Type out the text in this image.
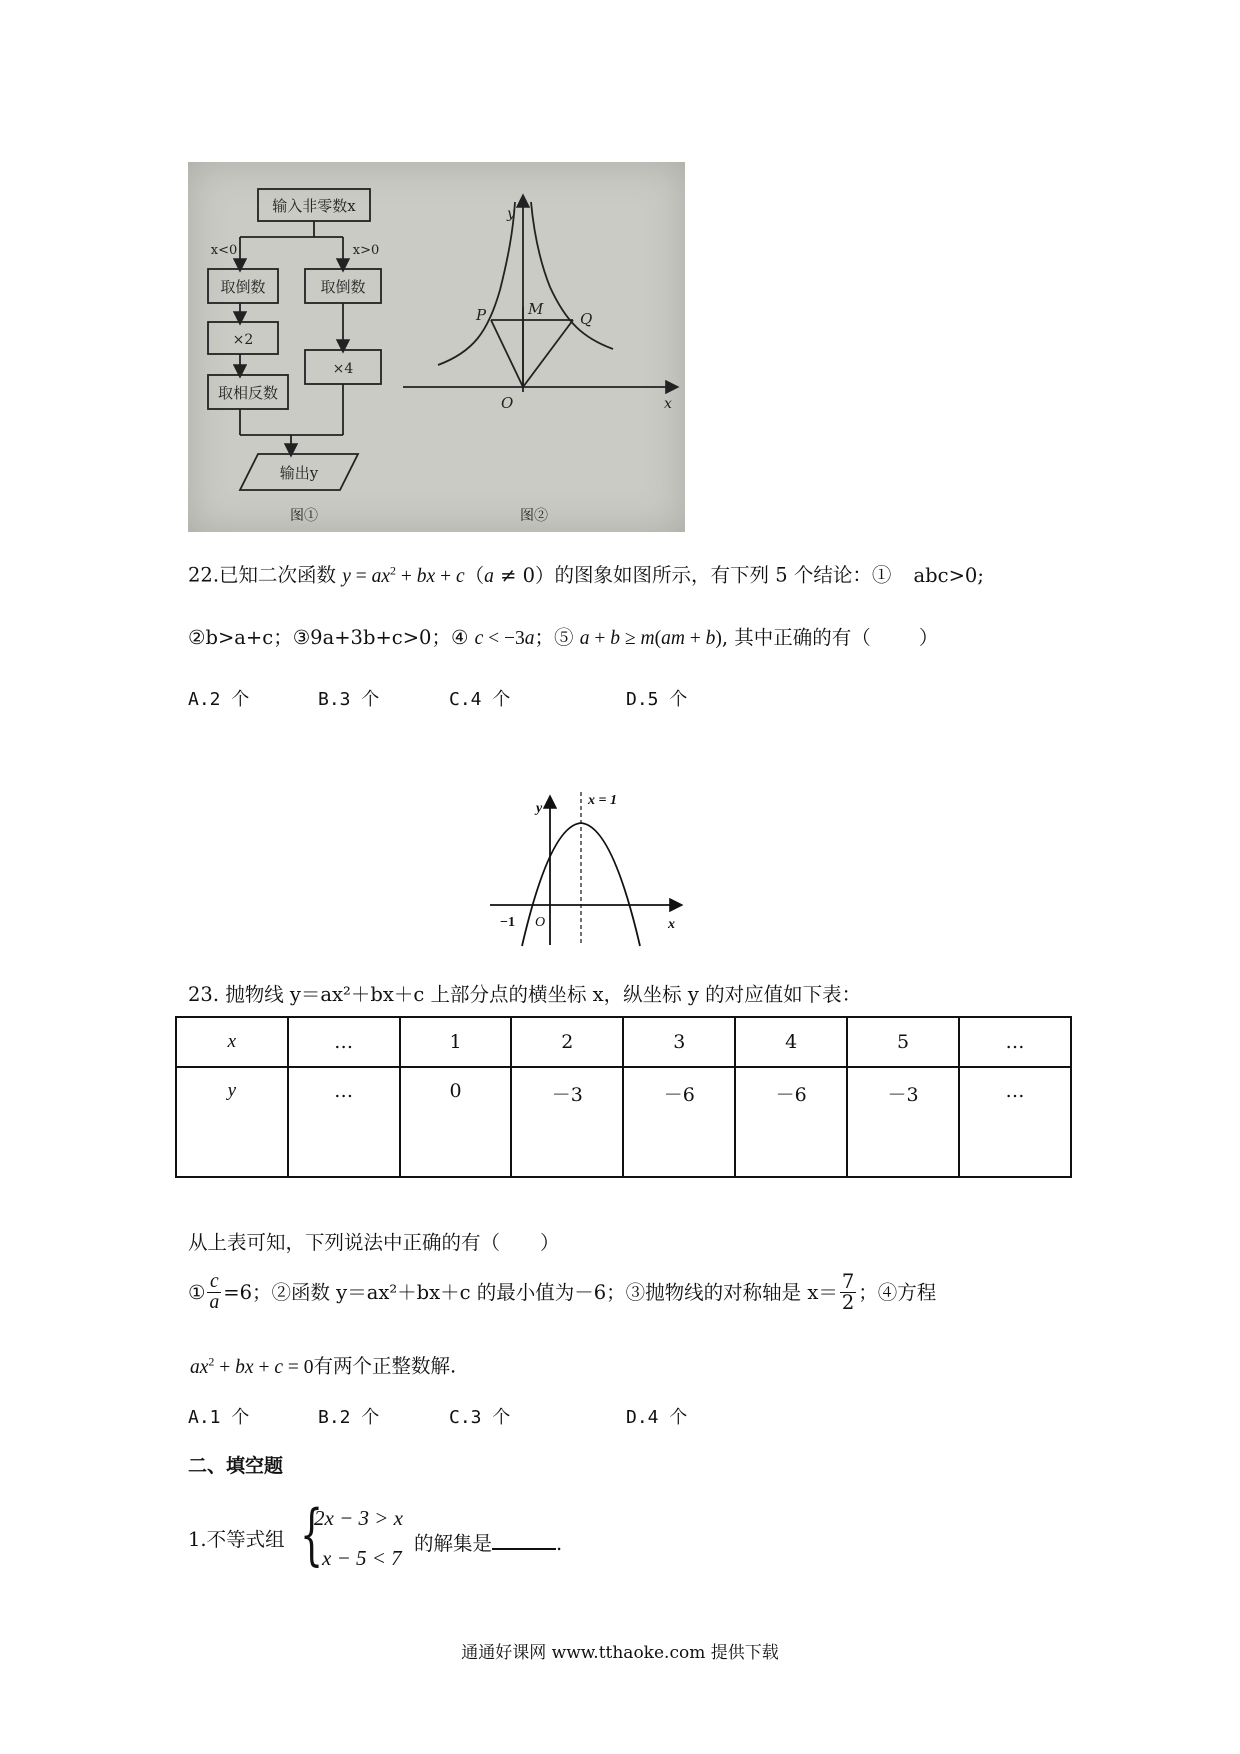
输入非零数x
x<0	x>0
取倒数
×2
取相反数
取倒数
×4
输出y
图①
y
x
O
P	M
Q
图②
22.已知二次函数 $y = ax^2$ + bx + c（a ≠ 0）的图象如图所示，有下列 5 个结论：① abc>0;
②b>a+c；③9a+3b+c>0；④ c < −3a；⑤ a + b ≥ m(am + b), 其中正确的有（ ）
A.2 个	B.3 个	C.4 个	D.5 个
y
x = 1
−1 O	x
23. 抛物线 y＝ax²＋bx＋c 上部分点的横坐标 x，纵坐标 y 的对应值如下表：
x	…	1	2	3	4	5	…
y	…	0	－3	－6	－6	－3	…
从上表可知，下列说法中正确的有（ ）
① $\frac{c}{a} =6$；②函数 y＝ax²＋bx＋c 的最小值为－6；③抛物线的对称轴是 $x= \frac{7}{2}$ ；④方程
$ax^2$ + bx + c = 0有两个正整数解.
A.1 个	B.2 个	C.3 个	D.4 个
二、填空题
1.不等式组 {
2x − 3 > x
x − 5 < 7
的解集是	.
通通好课网 www.tthaoke.com 提供下载
